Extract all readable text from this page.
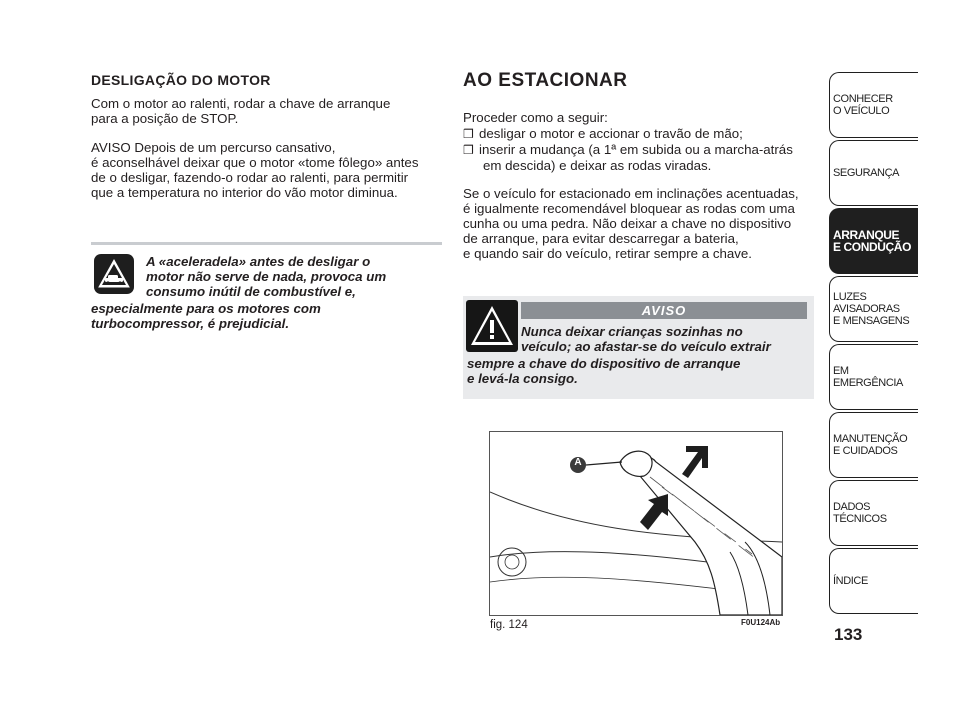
DESLIGAÇÃO DO MOTOR
Com o motor ao ralenti, rodar a chave de arranque
para a posição de STOP.
AVISO Depois de um percurso cansativo,
é aconselhável deixar que o motor «tome fôlego» antes
de o desligar, fazendo-o rodar ao ralenti, para permitir
que a temperatura no interior do vão motor diminua.
A «aceleradela» antes de desligar o
motor não serve de nada, provoca um
consumo inútil de combustível e,
especialmente para os motores com
turbocompressor, é prejudicial.
AO ESTACIONAR
Proceder como a seguir:
❒ desligar o motor e accionar o travão de mão;
❒ inserir a mudança (a 1ª em subida ou a marcha-atrás
em descida) e deixar as rodas viradas.
Se o veículo for estacionado em inclinações acentuadas,
é igualmente recomendável bloquear as rodas com uma
cunha ou uma pedra. Não deixar a chave no dispositivo
de arranque, para evitar descarregar a bateria,
e quando sair do veículo, retirar sempre a chave.
AVISO
Nunca deixar crianças sozinhas no
veículo; ao afastar-se do veículo extrair
sempre a chave do dispositivo de arranque
e levá-la consigo.
A
fig. 124	F0U124Ab
CONHECER
O VEÍCULO
SEGURANÇA
ARRANQUE
E CONDUÇÃO
LUZES
AVISADORAS
E MENSAGENS
EM EMERGÊNCIA
MANUTENÇÃO
E CUIDADOS
DADOS
TÉCNICOS
ÍNDICE
133
